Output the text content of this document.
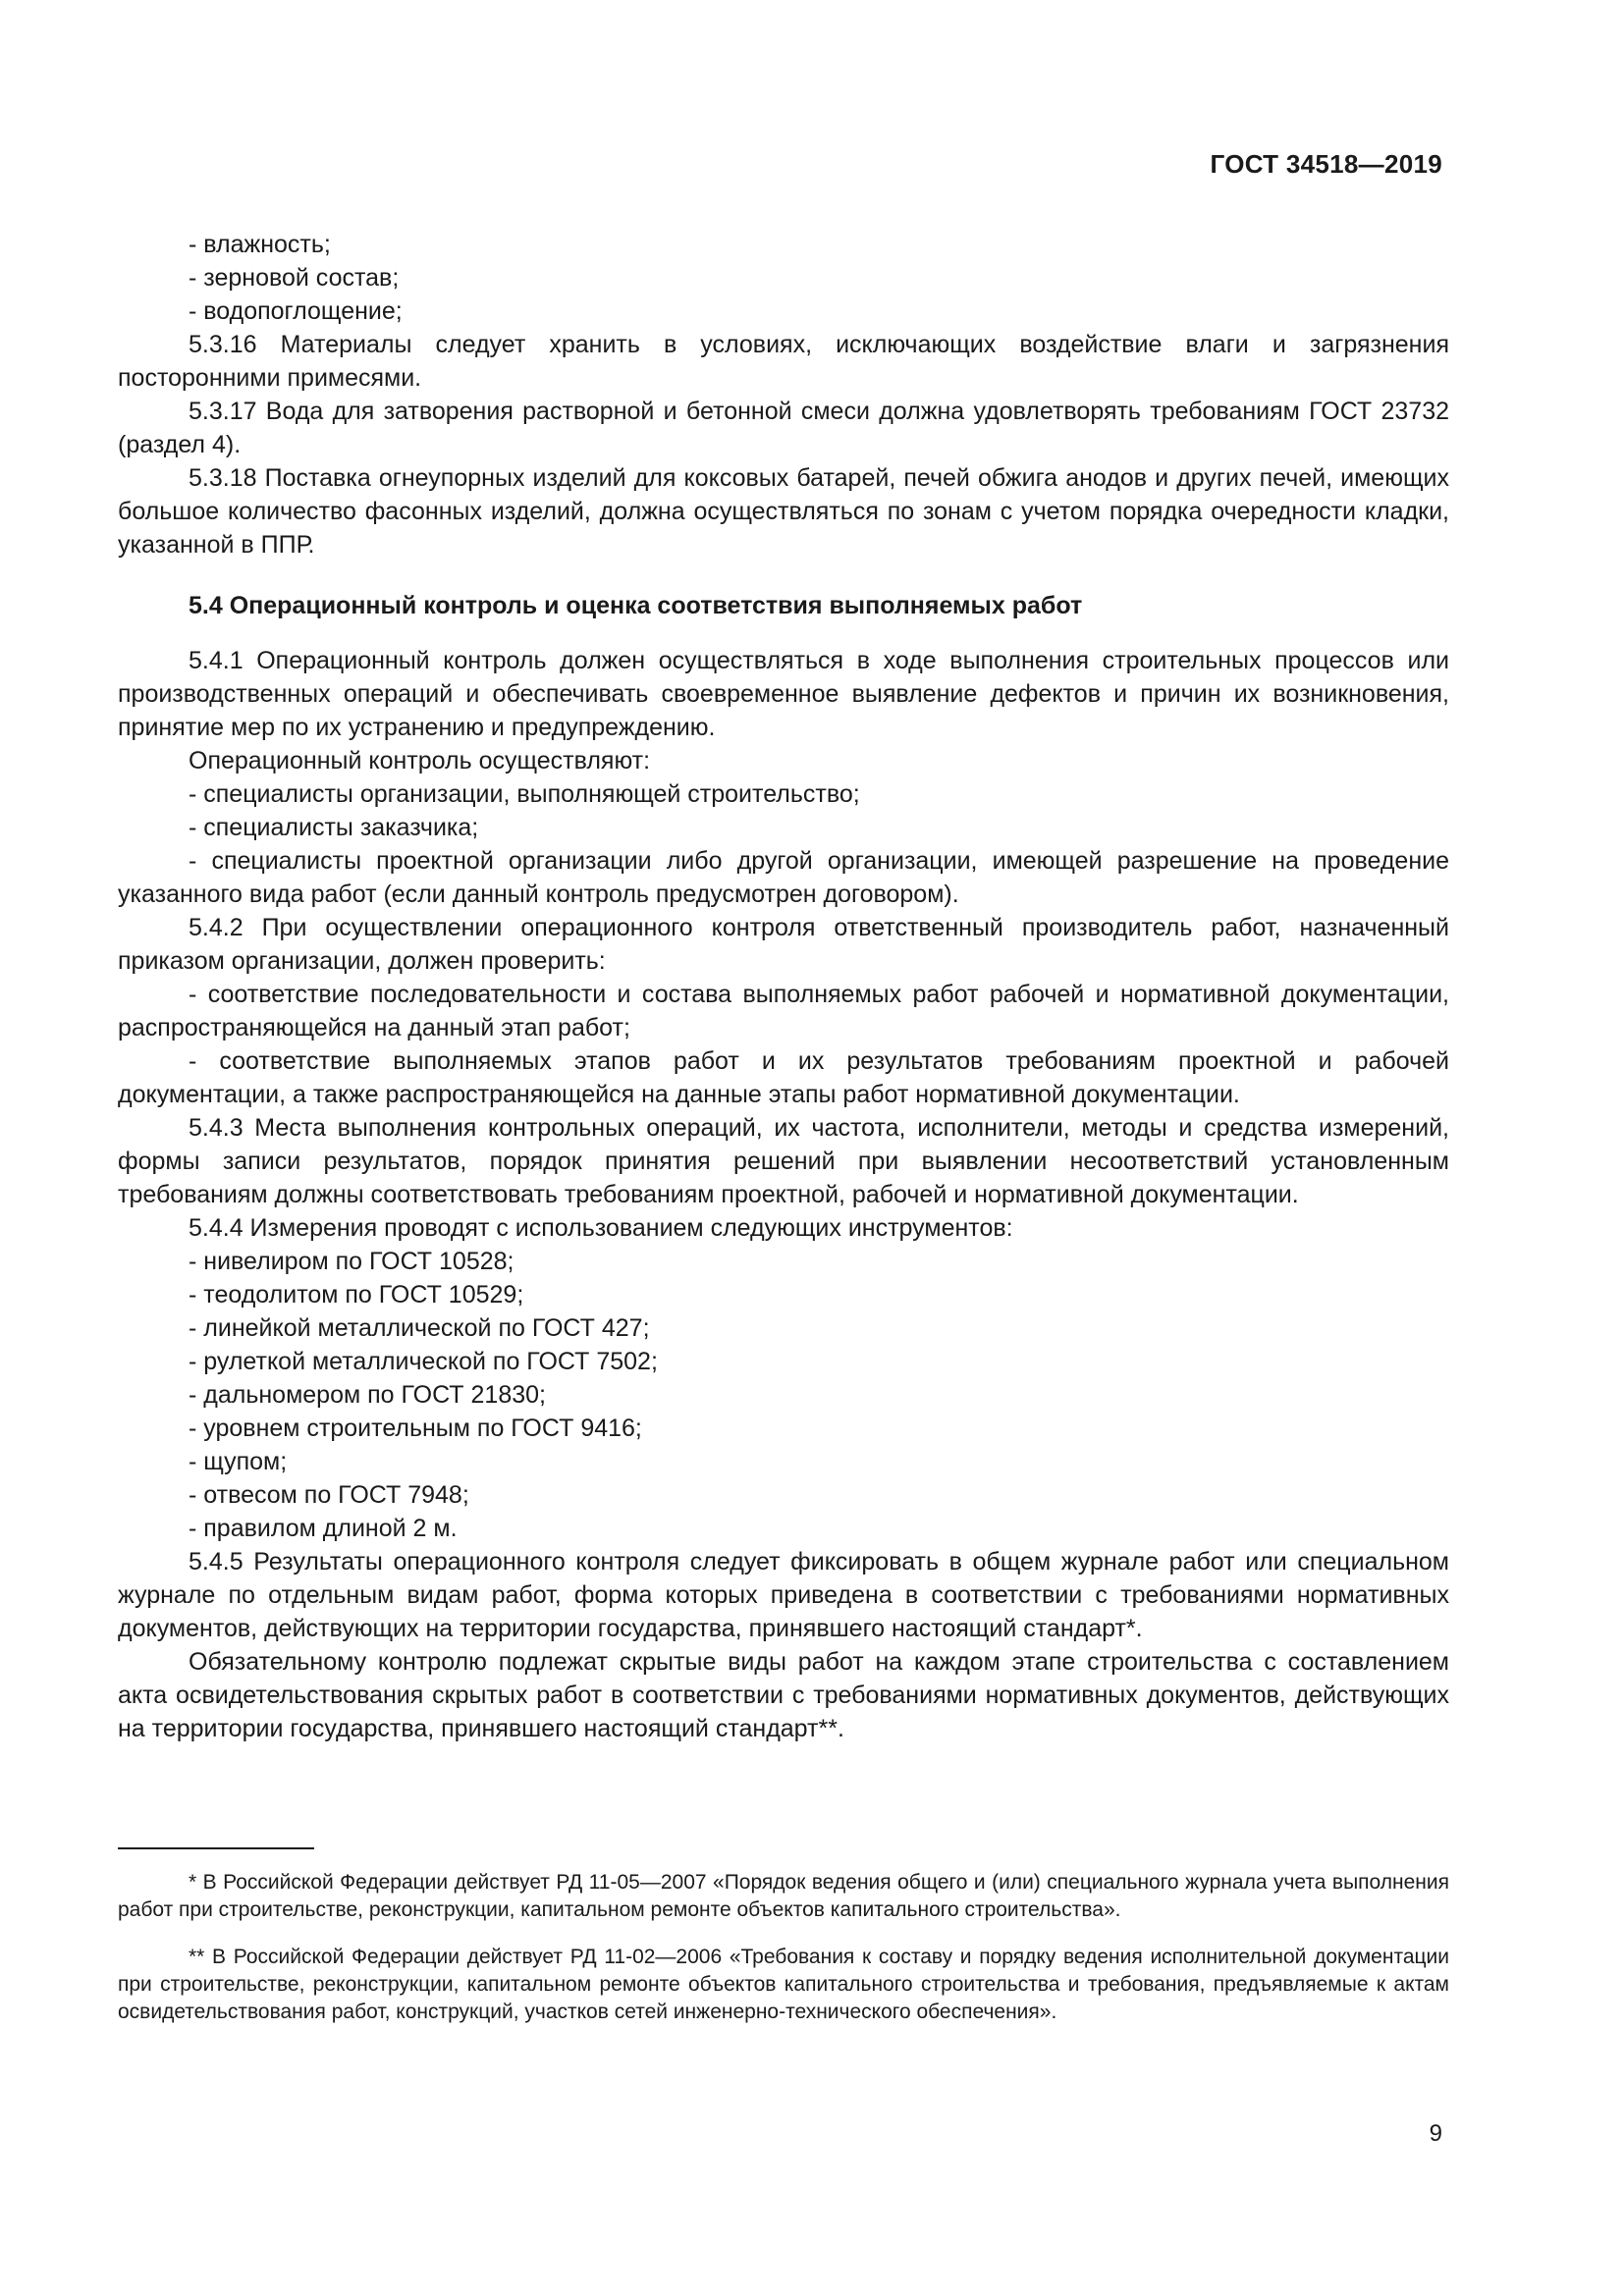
ГОСТ 34518—2019

- влажность;

- зерновой состав;

- водопоглощение;

5.3.16 Материалы следует хранить в условиях, исключающих воздействие влаги и загрязнения посторонними примесями.

5.3.17 Вода для затворения растворной и бетонной смеси должна удовлетворять требованиям ГОСТ 23732 (раздел 4).

5.3.18 Поставка огнеупорных изделий для коксовых батарей, печей обжига анодов и других печей, имеющих большое количество фасонных изделий, должна осуществляться по зонам с учетом порядка очередности кладки, указанной в ППР.

5.4 Операционный контроль и оценка соответствия выполняемых работ

5.4.1 Операционный контроль должен осуществляться в ходе выполнения строительных процессов или производственных операций и обеспечивать своевременное выявление дефектов и причин их возникновения, принятие мер по их устранению и предупреждению.

Операционный контроль осуществляют:

- специалисты организации, выполняющей строительство;

- специалисты заказчика;

- специалисты проектной организации либо другой организации, имеющей разрешение на проведение указанного вида работ (если данный контроль предусмотрен договором).

5.4.2 При осуществлении операционного контроля ответственный производитель работ, назначенный приказом организации, должен проверить:

- соответствие последовательности и состава выполняемых работ рабочей и нормативной документации, распространяющейся на данный этап работ;

- соответствие выполняемых этапов работ и их результатов требованиям проектной и рабочей документации, а также распространяющейся на данные этапы работ нормативной документации.

5.4.3 Места выполнения контрольных операций, их частота, исполнители, методы и средства измерений, формы записи результатов, порядок принятия решений при выявлении несоответствий установленным требованиям должны соответствовать требованиям проектной, рабочей и нормативной документации.

5.4.4 Измерения проводят с использованием следующих инструментов:

- нивелиром по ГОСТ 10528;

- теодолитом по ГОСТ 10529;

- линейкой металлической по ГОСТ 427;

- рулеткой металлической по ГОСТ 7502;

- дальномером по ГОСТ 21830;

- уровнем строительным по ГОСТ 9416;

- щупом;

- отвесом по ГОСТ 7948;

- правилом длиной 2 м.

5.4.5 Результаты операционного контроля следует фиксировать в общем журнале работ или специальном журнале по отдельным видам работ, форма которых приведена в соответствии с требованиями нормативных документов, действующих на территории государства, принявшего настоящий стандарт*.

Обязательному контролю подлежат скрытые виды работ на каждом этапе строительства с составлением акта освидетельствования скрытых работ в соответствии с требованиями нормативных документов, действующих на территории государства, принявшего настоящий стандарт**.

* В Российской Федерации действует РД 11-05—2007 «Порядок ведения общего и (или) специального журнала учета выполнения работ при строительстве, реконструкции, капитальном ремонте объектов капитального строительства».

** В Российской Федерации действует РД 11-02—2006 «Требования к составу и порядку ведения исполнительной документации при строительстве, реконструкции, капитальном ремонте объектов капитального строительства и требования, предъявляемые к актам освидетельствования работ, конструкций, участков сетей инженерно-технического обеспечения».

9
